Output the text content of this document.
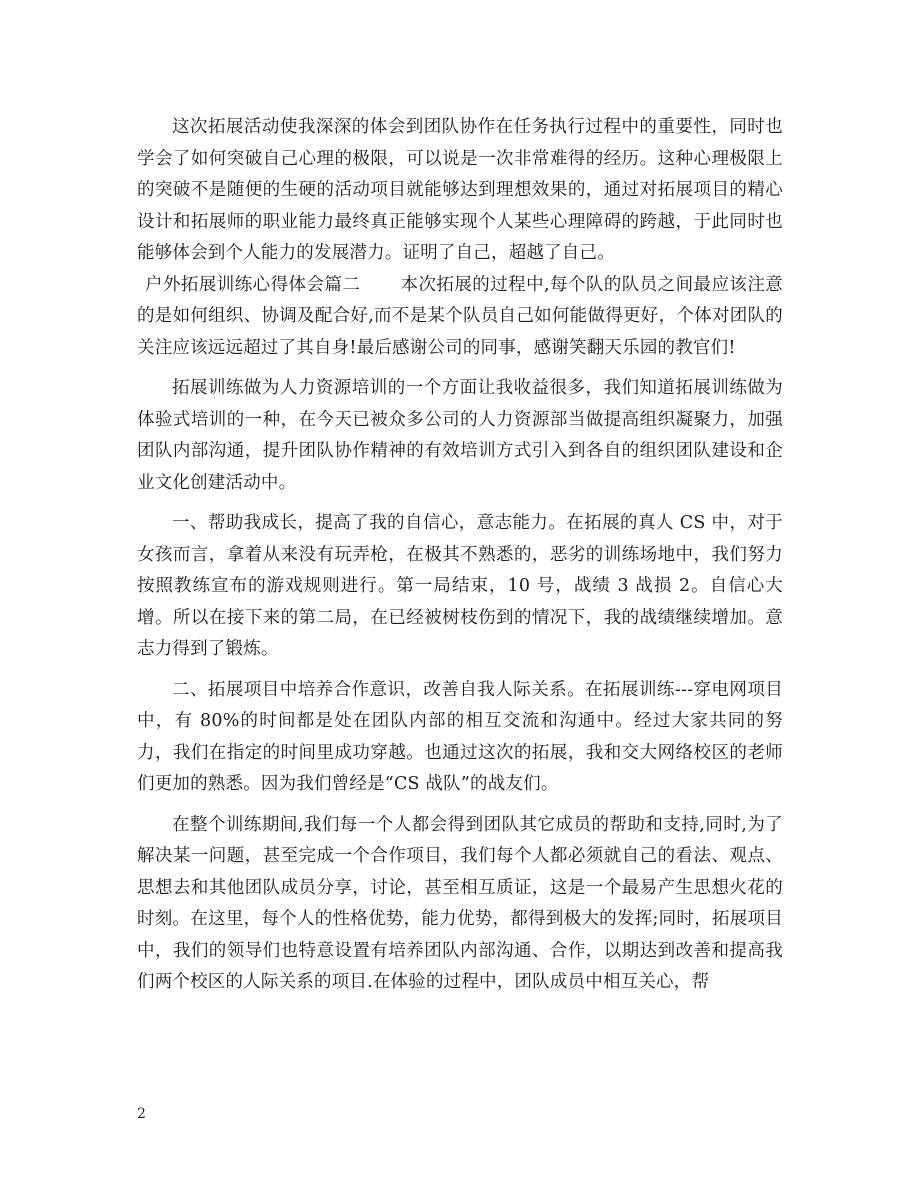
这次拓展活动使我深深的体会到团队协作在任务执行过程中的重要性，同时也学会了如何突破自己心理的极限，可以说是一次非常难得的经历。这种心理极限上的突破不是随便的生硬的活动项目就能够达到理想效果的，通过对拓展项目的精心设计和拓展师的职业能力最终真正能够实现个人某些心理障碍的跨越，于此同时也能够体会到个人能力的发展潜力。证明了自己，超越了自己。

户外拓展训练心得体会篇二 本次拓展的过程中,每个队的队员之间最应该注意的是如何组织、协调及配合好,而不是某个队员自己如何能做得更好，个体对团队的关注应该远远超过了其自身!最后感谢公司的同事，感谢笑翻天乐园的教官们!

拓展训练做为人力资源培训的一个方面让我收益很多，我们知道拓展训练做为体验式培训的一种，在今天已被众多公司的人力资源部当做提高组织凝聚力，加强团队内部沟通，提升团队协作精神的有效培训方式引入到各自的组织团队建设和企业文化创建活动中。

一、帮助我成长，提高了我的自信心，意志能力。在拓展的真人 CS 中，对于女孩而言，拿着从来没有玩弄枪，在极其不熟悉的，恶劣的训练场地中，我们努力按照教练宣布的游戏规则进行。第一局结束，10 号，战绩 3 战损 2。自信心大增。所以在接下来的第二局，在已经被树枝伤到的情况下，我的战绩继续增加。意志力得到了锻炼。

二、拓展项目中培养合作意识，改善自我人际关系。在拓展训练---穿电网项目中，有 80%的时间都是处在团队内部的相互交流和沟通中。经过大家共同的努力，我们在指定的时间里成功穿越。也通过这次的拓展，我和交大网络校区的老师们更加的熟悉。因为我们曾经是“CS 战队”的战友们。

在整个训练期间,我们每一个人都会得到团队其它成员的帮助和支持,同时,为了解决某一问题，甚至完成一个合作项目，我们每个人都必须就自己的看法、观点、思想去和其他团队成员分享，讨论，甚至相互质证，这是一个最易产生思想火花的时刻。在这里，每个人的性格优势，能力优势，都得到极大的发挥;同时，拓展项目中，我们的领导们也特意设置有培养团队内部沟通、合作，以期达到改善和提高我们两个校区的人际关系的项目.在体验的过程中，团队成员中相互关心，帮

2
